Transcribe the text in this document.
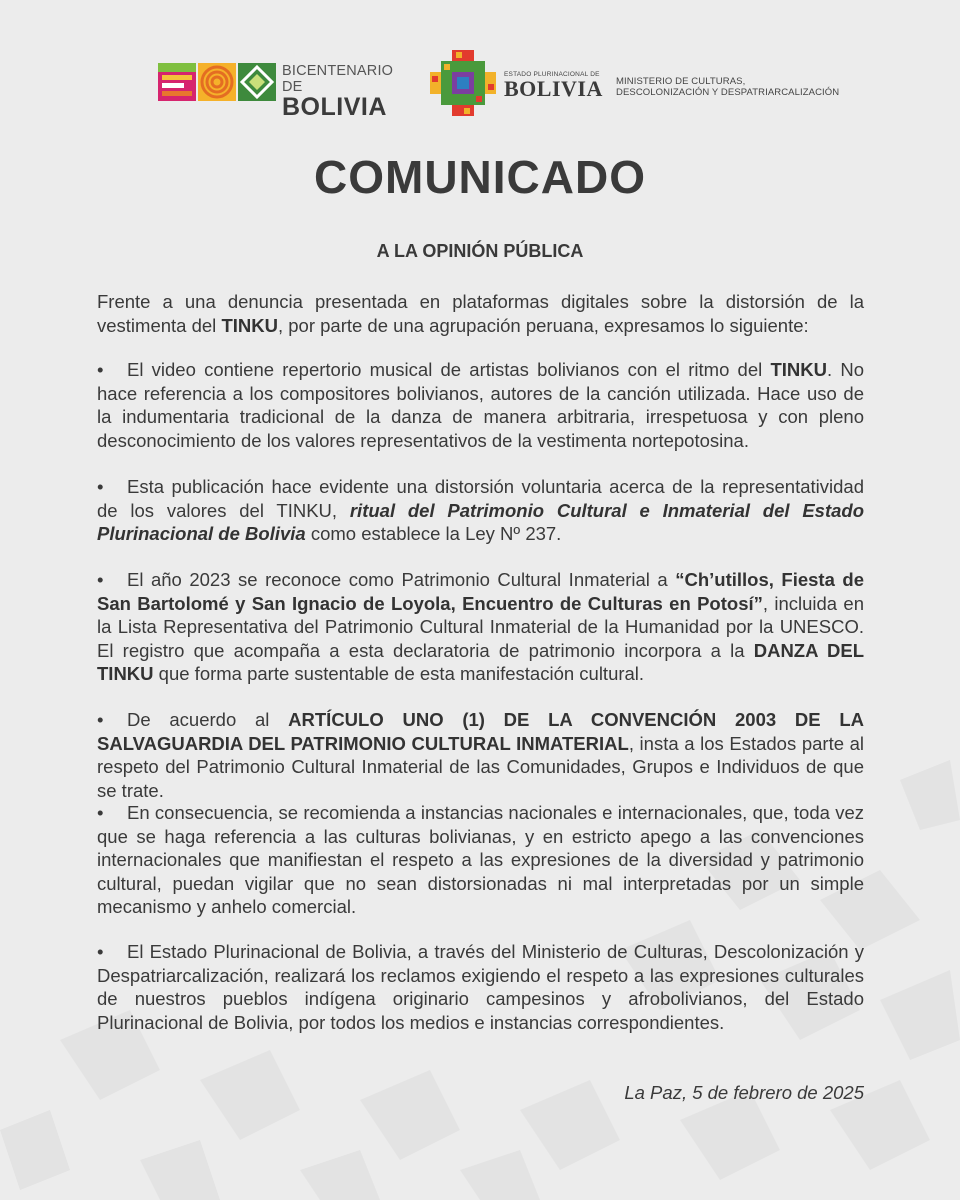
BICENTENARIO DE
BOLIVIA
ESTADO PLURINACIONAL DE
BOLIVIA MINISTERIO DE CULTURAS,
DESCOLONIZACIÓN Y DESPATRIARCALIZACIÓN
COMUNICADO
A LA OPINIÓN PÚBLICA

Frente a una denuncia presentada en plataformas digitales sobre la distorsión de la vestimenta del TINKU, por parte de una agrupación peruana, expresamos lo siguiente:

• El video contiene repertorio musical de artistas bolivianos con el ritmo del TINKU. No hace referencia a los compositores bolivianos, autores de la canción utilizada. Hace uso de la indumentaria tradicional de la danza de manera arbitraria, irrespetuosa y con pleno desconocimiento de los valores representativos de la vestimenta nortepotosina.

• Esta publicación hace evidente una distorsión voluntaria acerca de la representatividad de los valores del TINKU, ritual del Patrimonio Cultural e Inmaterial del Estado Plurinacional de Bolivia como establece la Ley Nº 237.

• El año 2023 se reconoce como Patrimonio Cultural Inmaterial a “Ch’utillos, Fiesta de San Bartolomé y San Ignacio de Loyola, Encuentro de Culturas en Potosí”, incluida en la Lista Representativa del Patrimonio Cultural Inmaterial de la Humanidad por la UNESCO. El registro que acompaña a esta declaratoria de patrimonio incorpora a la DANZA DEL TINKU que forma parte sustentable de esta manifestación cultural.

• De acuerdo al ARTÍCULO UNO (1) DE LA CONVENCIÓN 2003 DE LA SALVAGUARDIA DEL PATRIMONIO CULTURAL INMATERIAL, insta a los Estados parte al respeto del Patrimonio Cultural Inmaterial de las Comunidades, Grupos e Individuos de que se trate.

• En consecuencia, se recomienda a instancias nacionales e internacionales, que, toda vez que se haga referencia a las culturas bolivianas, y en estricto apego a las convenciones internacionales que manifiestan el respeto a las expresiones de la diversidad y patrimonio cultural, puedan vigilar que no sean distorsionadas ni mal interpretadas por un simple mecanismo y anhelo comercial.

• El Estado Plurinacional de Bolivia, a través del Ministerio de Culturas, Descolonización y Despatriarcalización, realizará los reclamos exigiendo el respeto a las expresiones culturales de nuestros pueblos indígena originario campesinos y afrobolivianos, del Estado Plurinacional de Bolivia, por todos los medios e instancias correspondientes.

La Paz, 5 de febrero de 2025
